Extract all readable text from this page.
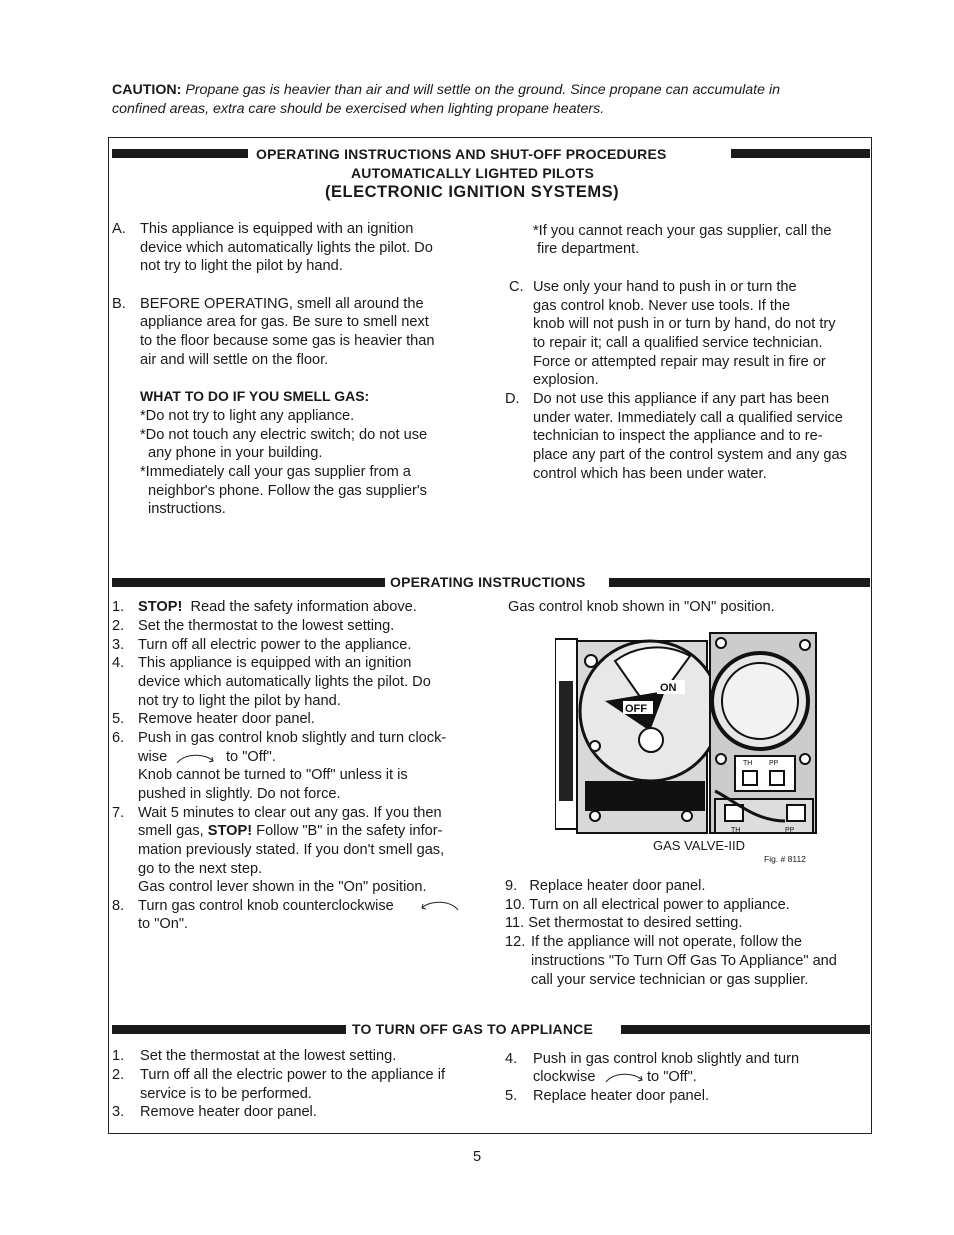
CAUTION: Propane gas is heavier than air and will settle on the ground. Since propane can accumulate in
confined areas, extra care should be exercised when lighting propane heaters.
OPERATING INSTRUCTIONS AND SHUT-OFF PROCEDURES
AUTOMATICALLY LIGHTED PILOTS
(ELECTRONIC IGNITION SYSTEMS)
A. This appliance is equipped with an ignition
device which automatically lights the pilot. Do
not try to light the pilot by hand.
B. BEFORE OPERATING, smell all around the
appliance area for gas. Be sure to smell next
to the floor because some gas is heavier than
air and will settle on the floor.
WHAT TO DO IF YOU SMELL GAS:
*Do not try to light any appliance.
*Do not touch any electric switch; do not use
any phone in your building.
*Immediately call your gas supplier from a
neighbor's phone. Follow the gas supplier's
instructions.
*If you cannot reach your gas supplier, call the
fire department.
C. Use only your hand to push in or turn the
gas control knob. Never use tools. If the
knob will not push in or turn by hand, do not try
to repair it; call a qualified service technician.
Force or attempted repair may result in fire or
explosion.
D. Do not use this appliance if any part has been
under water. Immediately call a qualified service
technician to inspect the appliance and to re-
place any part of the control system and any gas
control which has been under water.
OPERATING INSTRUCTIONS
1. STOP!  Read the safety information above.
2. Set the thermostat to the lowest setting.
3. Turn off all electric power to the appliance.
4. This appliance is equipped with an ignition
device which automatically lights the pilot. Do
not try to light the pilot by hand.
5. Remove heater door panel.
6. Push in gas control knob slightly and turn clock-
wise	to "Off".
Knob cannot be turned to "Off" unless it is
pushed in slightly. Do not force.
7. Wait 5 minutes to clear out any gas. If you then
smell gas, STOP! Follow "B" in the safety infor-
mation previously stated. If you don't smell gas,
go to the next step.
Gas control lever shown in the "On" position.
8. Turn gas control knob counterclockwise
to "On".
Gas control knob shown in "ON" position.
ON
OFF
TH PP
TH	PP
GAS VALVE-IID
Fig. # 8112
9.   Replace heater door panel.
10. Turn on all electrical power to appliance.
11. Set thermostat to desired setting.
12. If the appliance will not operate, follow the
instructions "To Turn Off Gas To Appliance" and
call your service technician or gas supplier.
TO TURN OFF GAS TO APPLIANCE
1. Set the thermostat at the lowest setting.
2. Turn off all the electric power to the appliance if
service is to be performed.
3. Remove heater door panel.
4. Push in gas control knob slightly and turn
clockwise	to "Off".
5. Replace heater door panel.
5
